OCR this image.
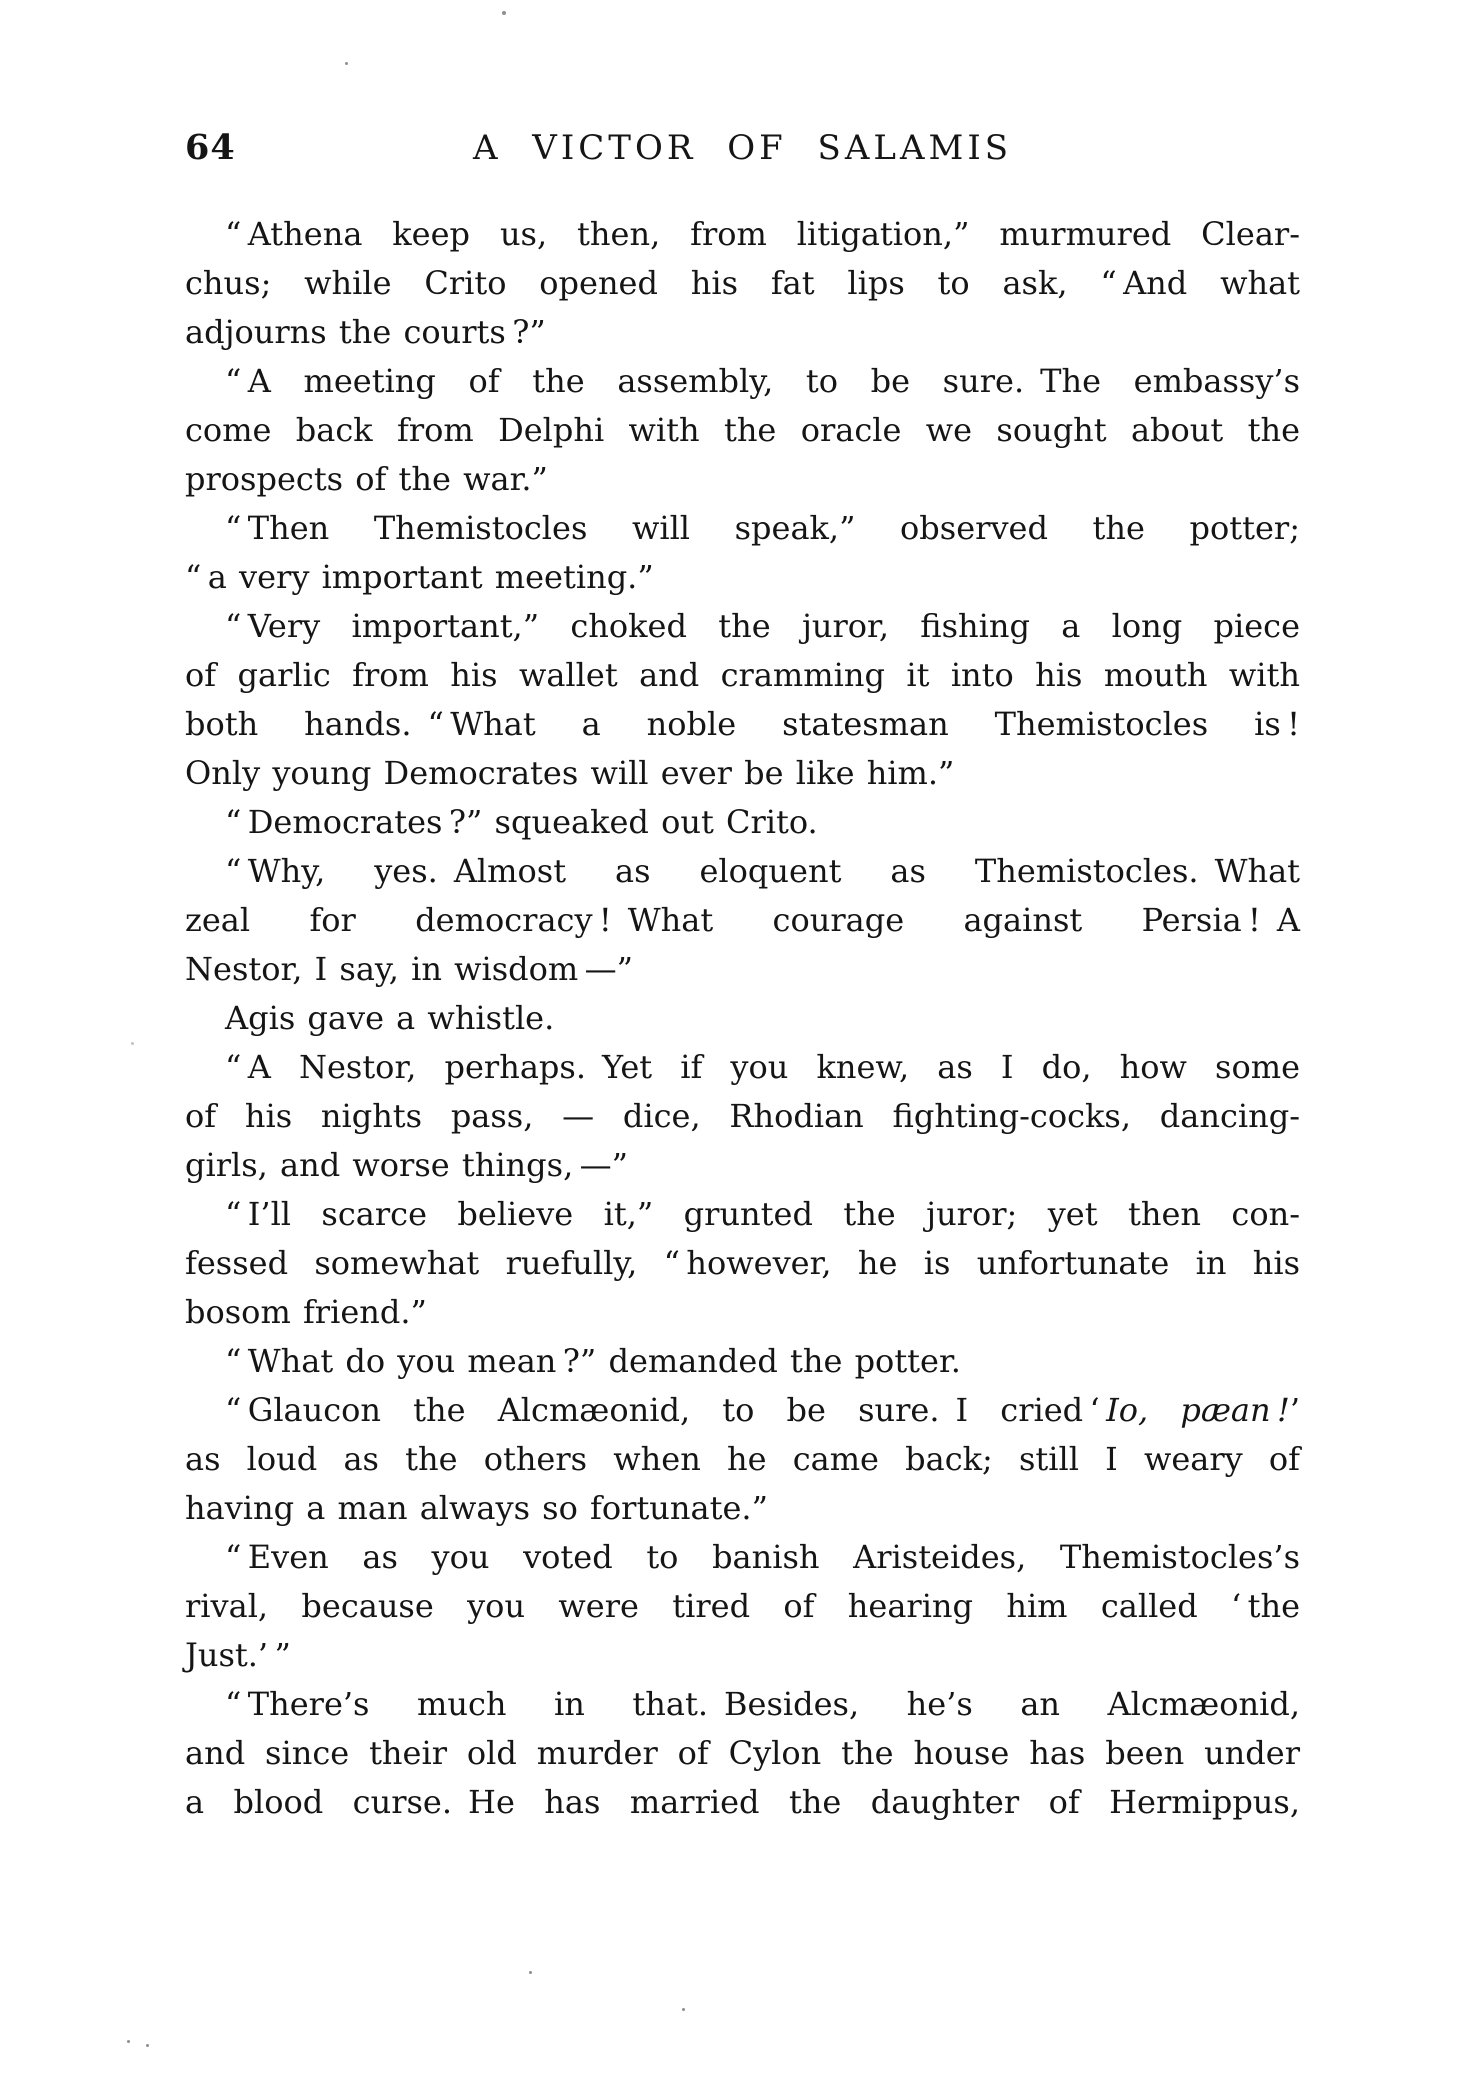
64	A VICTOR OF SALAMIS
“ Athena keep us, then, from litigation,” murmured Clear-
chus; while Crito opened his fat lips to ask, “ And what
adjourns the courts ?”
“ A meeting of the assembly, to be sure. The embassy’s
come back from Delphi with the oracle we sought about the
prospects of the war.”
“ Then Themistocles will speak,” observed the potter;
“ a very important meeting.”
“ Very important,” choked the juror, fishing a long piece
of garlic from his wallet and cramming it into his mouth with
both hands. “ What a noble statesman Themistocles is !
Only young Democrates will ever be like him.”
“ Democrates ?” squeaked out Crito.
“ Why, yes. Almost as eloquent as Themistocles. What
zeal for democracy ! What courage against Persia ! A
Nestor, I say, in wisdom —”
Agis gave a whistle.
“ A Nestor, perhaps. Yet if you knew, as I do, how some
of his nights pass, — dice, Rhodian fighting-cocks, dancing-
girls, and worse things, —”
“ I’ll scarce believe it,” grunted the juror; yet then con-
fessed somewhat ruefully, “ however, he is unfortunate in his
bosom friend.”
“ What do you mean ?” demanded the potter.
“ Glaucon the Alcmæonid, to be sure. I cried ‘ Io, pæan !’
as loud as the others when he came back; still I weary of
having a man always so fortunate.”
“ Even as you voted to banish Aristeides, Themistocles’s
rival, because you were tired of hearing him called ‘ the
Just.’ ”
“ There’s much in that. Besides, he’s an Alcmæonid,
and since their old murder of Cylon the house has been under
a blood curse. He has married the daughter of Hermippus,
